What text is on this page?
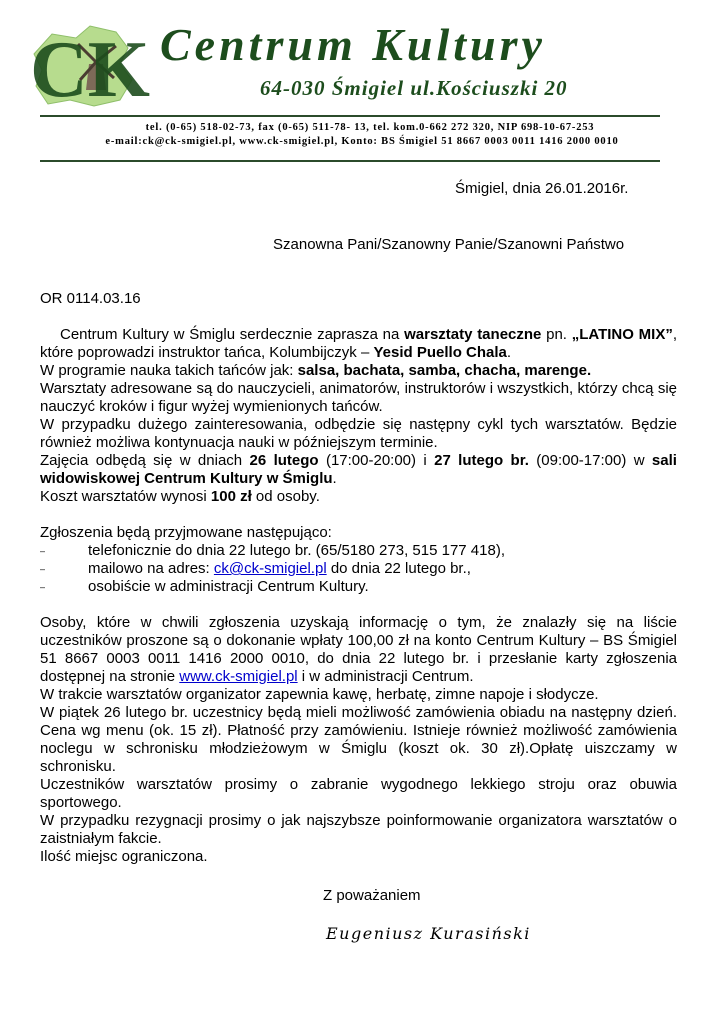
CK Centrum Kultury
64-030 Śmigiel ul.Kościuszki 20
tel. (0-65) 518-02-73, fax (0-65) 511-78- 13, tel. kom.0-662 272 320, NIP 698-10-67-253
e-mail:ck@ck-smigiel.pl, www.ck-smigiel.pl, Konto: BS Śmigiel 51 8667 0003 0011 1416 2000 0010
Śmigiel, dnia 26.01.2016r.
Szanowna Pani/Szanowny Panie/Szanowni Państwo
OR 0114.03.16

Centrum Kultury w Śmiglu serdecznie zaprasza na warsztaty taneczne pn. „LATINO MIX”, które poprowadzi instruktor tańca, Kolumbijczyk – Yesid Puello Chala.

W programie nauka takich tańców jak: salsa, bachata, samba, chacha, marenge.

Warsztaty adresowane są do nauczycieli, animatorów, instruktorów i wszystkich, którzy chcą się nauczyć kroków i figur wyżej wymienionych tańców.

W przypadku dużego zainteresowania, odbędzie się następny cykl tych warsztatów. Będzie również możliwa kontynuacja nauki w późniejszym terminie.

Zajęcia odbędą się w dniach 26 lutego (17:00-20:00) i 27 lutego br. (09:00-17:00) w sali widowiskowej Centrum Kultury w Śmiglu.

Koszt warsztatów wynosi 100 zł od osoby.

Zgłoszenia będą przyjmowane następująco:

–	telefonicznie do dnia 22 lutego br. (65/5180 273, 515 177 418),

–	mailowo na adres: ck@ck-smigiel.pl do dnia 22 lutego br.,

–	osobiście w administracji Centrum Kultury.

Osoby, które w chwili zgłoszenia uzyskają informację o tym, że znalazły się na liście uczestników proszone są o dokonanie wpłaty 100,00 zł na konto Centrum Kultury – BS Śmigiel 51 8667 0003 0011 1416 2000 0010, do dnia 22 lutego br. i przesłanie karty zgłoszenia dostępnej na stronie www.ck-smigiel.pl i w administracji Centrum.

W trakcie warsztatów organizator zapewnia kawę, herbatę, zimne napoje i słodycze.

W piątek 26 lutego br. uczestnicy będą mieli możliwość zamówienia obiadu na następny dzień. Cena wg menu (ok. 15 zł). Płatność przy zamówieniu. Istnieje również możliwość zamówienia noclegu w schronisku młodzieżowym w Śmiglu (koszt ok. 30 zł).Opłatę uiszczamy w schronisku.

Uczestników warsztatów prosimy o zabranie wygodnego lekkiego stroju oraz obuwia sportowego.

W przypadku rezygnacji prosimy o jak najszybsze poinformowanie organizatora warsztatów o zaistniałym fakcie.

Ilość miejsc ograniczona.

Z poważaniem
Eugeniusz Kurasiński
